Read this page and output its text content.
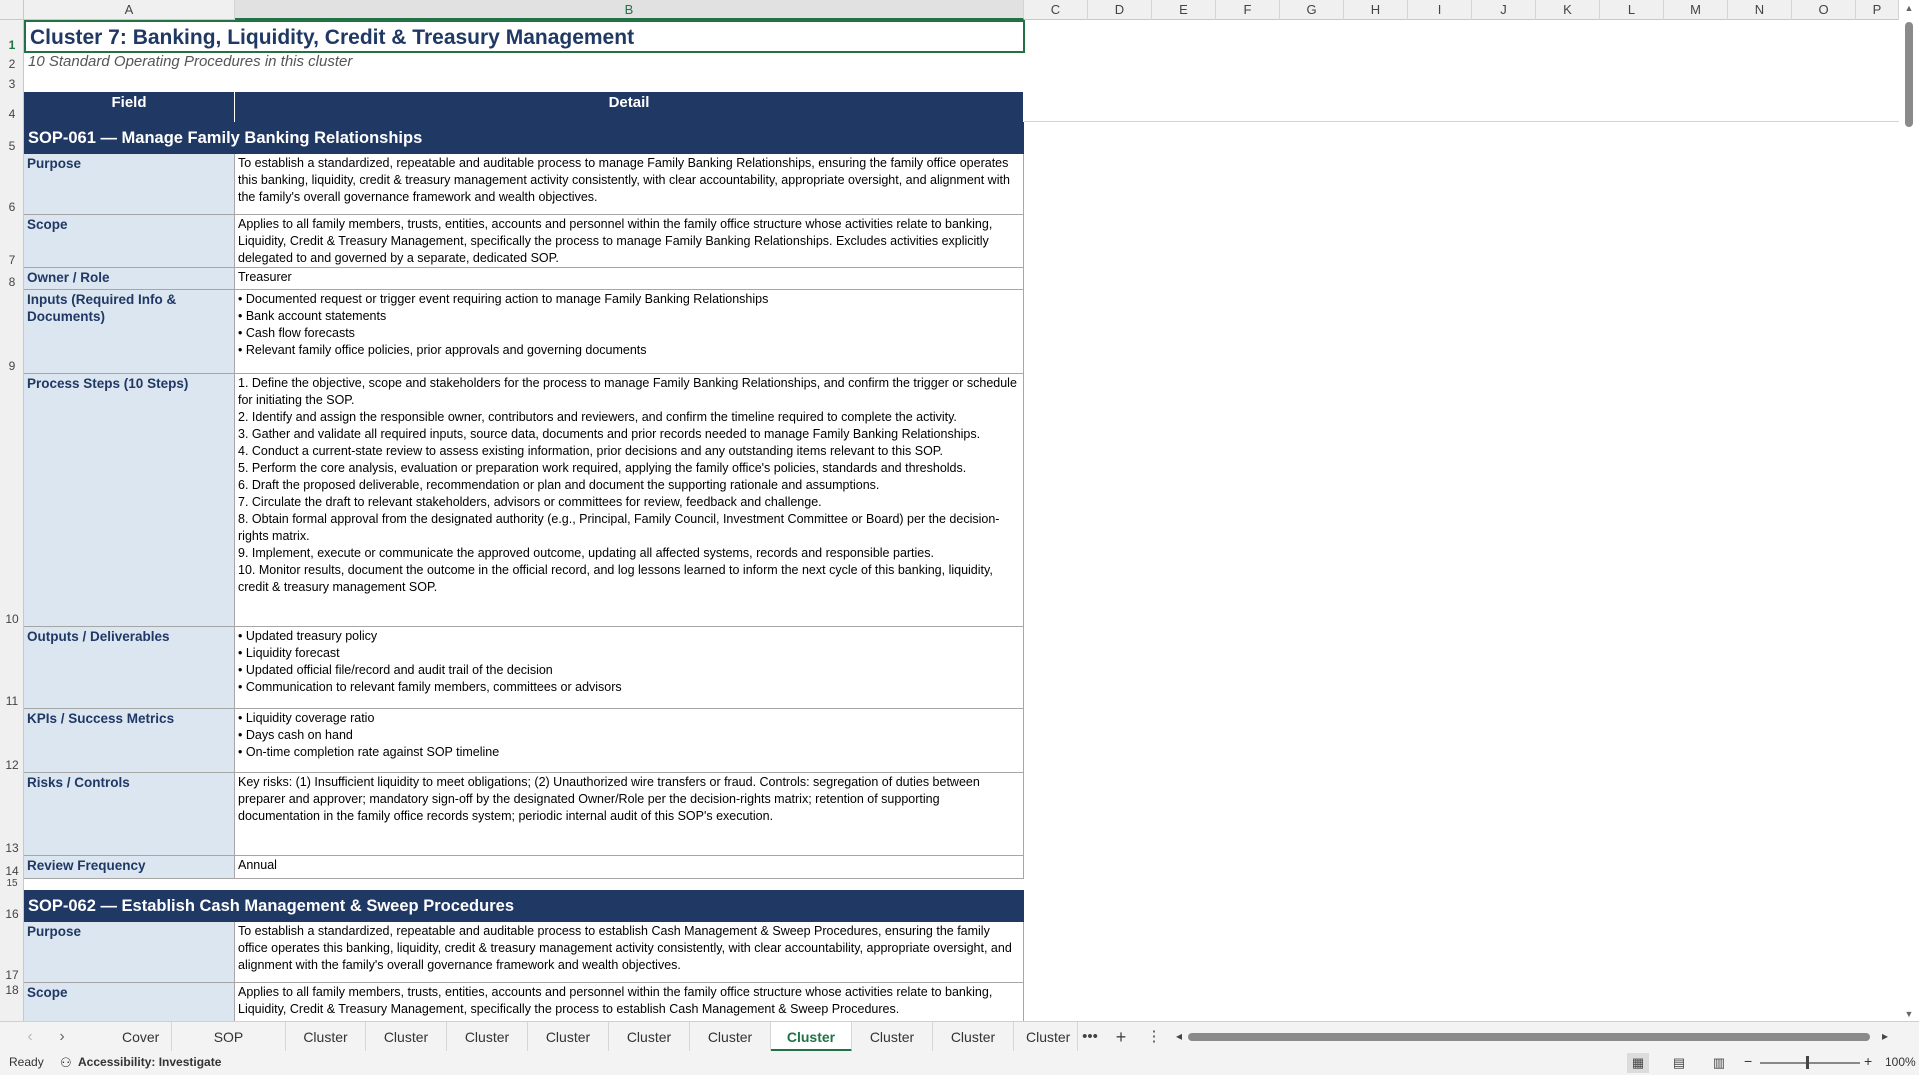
A	B	C	D	E	F	G	H	I	J	K	L	M	N	O	P
1
2
3
4
5
6
7
8
9
10
11
12
13
14
15
16
17
18
Cluster 7: Banking, Liquidity, Credit & Treasury Management
10 Standard Operating Procedures in this cluster
Field	Detail
SOP-061 — Manage Family Banking Relationships
Purpose	To establish a standardized, repeatable and auditable process to manage Family Banking Relationships, ensuring the family office operates this banking, liquidity, credit & treasury management activity consistently, with clear accountability, appropriate oversight, and alignment with the family's overall governance framework and wealth objectives.
Scope	Applies to all family members, trusts, entities, accounts and personnel within the family office structure whose activities relate to banking, Liquidity, Credit & Treasury Management, specifically the process to manage Family Banking Relationships. Excludes activities explicitly delegated to and governed by a separate, dedicated SOP.
Owner / Role	Treasurer
Inputs (Required Info & Documents)
• Documented request or trigger event requiring action to manage Family Banking Relationships
• Bank account statements
• Cash flow forecasts
• Relevant family office policies, prior approvals and governing documents
Process Steps (10 Steps)	1. Define the objective, scope and stakeholders for the process to manage Family Banking Relationships, and confirm the trigger or schedule for initiating the SOP.
2. Identify and assign the responsible owner, contributors and reviewers, and confirm the timeline required to complete the activity.
3. Gather and validate all required inputs, source data, documents and prior records needed to manage Family Banking Relationships.
4. Conduct a current-state review to assess existing information, prior decisions and any outstanding items relevant to this SOP.
5. Perform the core analysis, evaluation or preparation work required, applying the family office's policies, standards and thresholds.
6. Draft the proposed deliverable, recommendation or plan and document the supporting rationale and assumptions.
7. Circulate the draft to relevant stakeholders, advisors or committees for review, feedback and challenge.
8. Obtain formal approval from the designated authority (e.g., Principal, Family Council, Investment Committee or Board) per the decision-rights matrix.
9. Implement, execute or communicate the approved outcome, updating all affected systems, records and responsible parties.
10. Monitor results, document the outcome in the official record, and log lessons learned to inform the next cycle of this banking, liquidity, credit & treasury management SOP.
Outputs / Deliverables	• Updated treasury policy
• Liquidity forecast
• Updated official file/record and audit trail of the decision
• Communication to relevant family members, committees or advisors
KPIs / Success Metrics	• Liquidity coverage ratio
• Days cash on hand
• On-time completion rate against SOP timeline
Risks / Controls	Key risks: (1) Insufficient liquidity to meet obligations; (2) Unauthorized wire transfers or fraud. Controls: segregation of duties between preparer and approver; mandatory sign-off by the designated Owner/Role per the decision-rights matrix; retention of supporting documentation in the family office records system; periodic internal audit of this SOP's execution.
Review Frequency	Annual
SOP-062 — Establish Cash Management & Sweep Procedures
Purpose	To establish a standardized, repeatable and auditable process to establish Cash Management & Sweep Procedures, ensuring the family office operates this banking, liquidity, credit & treasury management activity consistently, with clear accountability, appropriate oversight, and alignment with the family's overall governance framework and wealth objectives.
Scope	Applies to all family members, trusts, entities, accounts and personnel within the family office structure whose activities relate to banking, Liquidity, Credit & Treasury Management, specifically the process to establish Cash Management & Sweep Procedures.
▲
▼
‹	›	Cover	SOP	Cluster	Cluster	Cluster	Cluster	Cluster	Cluster	Cluster	Cluster	Cluster	Cluster ••• +	⋮	◂	▸
Ready ⚇ Accessibility: Investigate	▦	▤	▥	−	+ 100%
